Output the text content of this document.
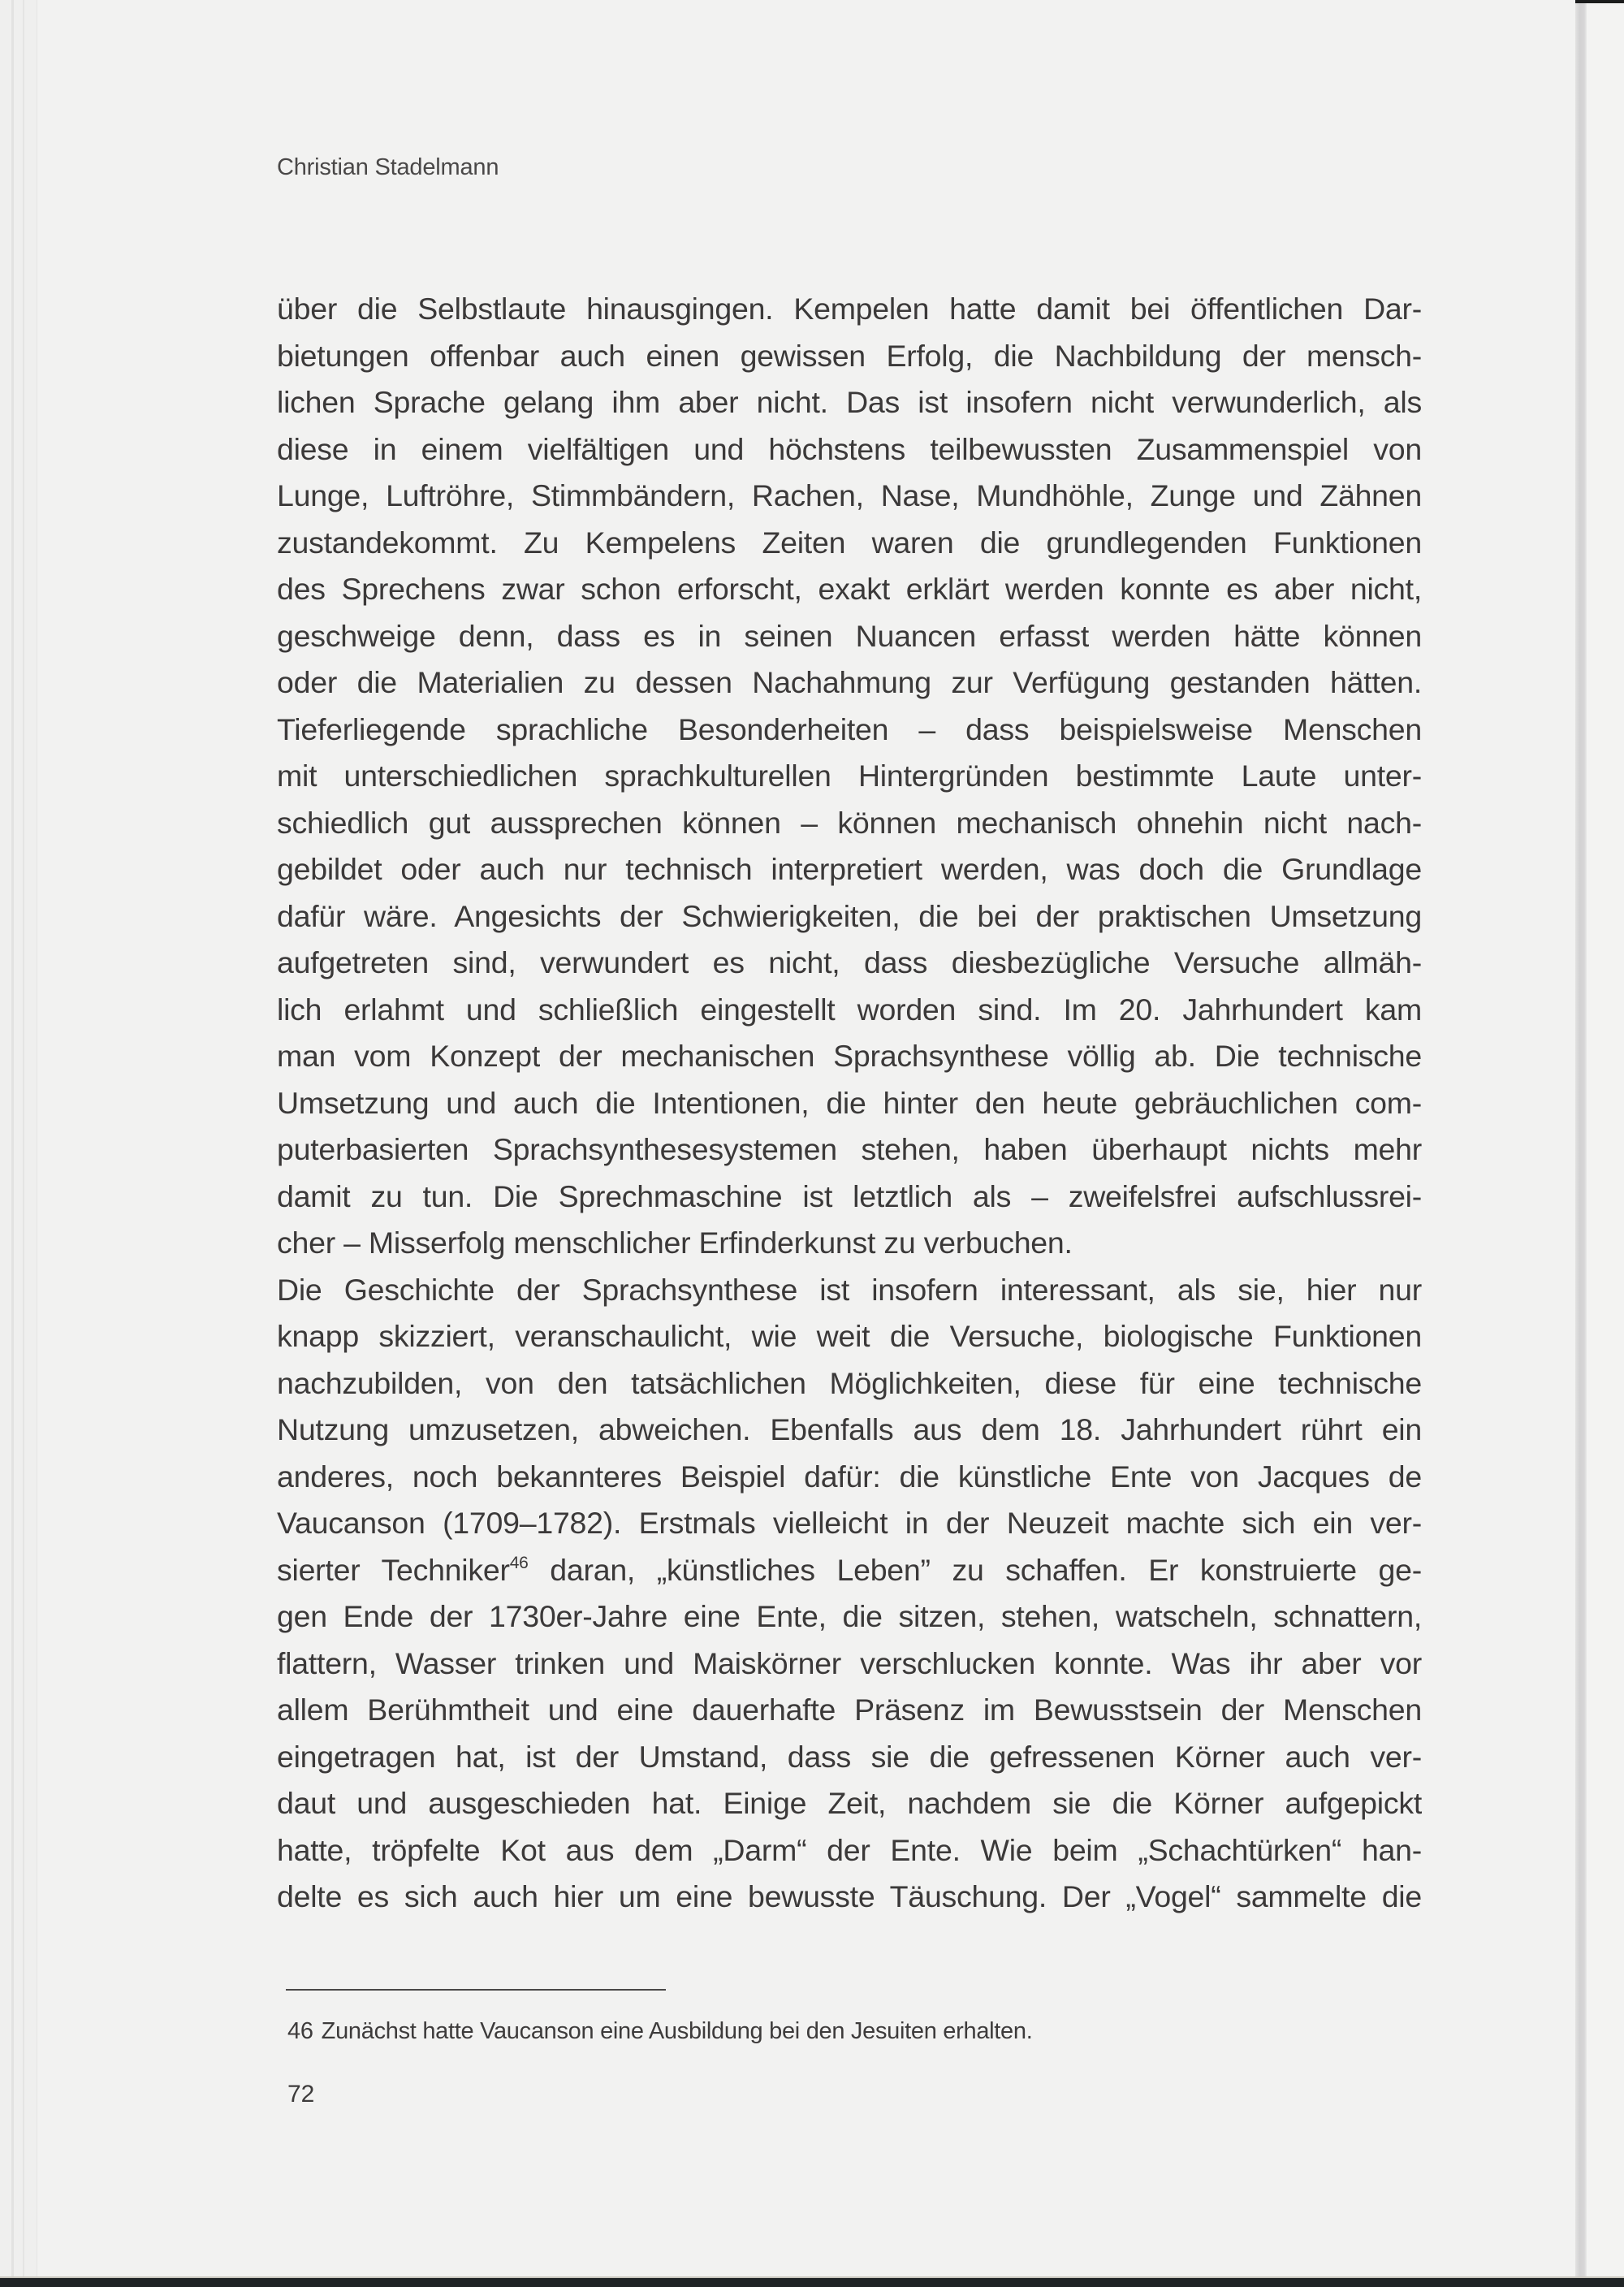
Christian Stadelmann
über die Selbstlaute hinausgingen. Kempelen hatte damit bei öffentlichen Dar-
bietungen offenbar auch einen gewissen Erfolg, die Nachbildung der mensch-
lichen Sprache gelang ihm aber nicht. Das ist insofern nicht verwunderlich, als
diese in einem vielfältigen und höchstens teilbewussten Zusammenspiel von
Lunge, Luftröhre, Stimmbändern, Rachen, Nase, Mundhöhle, Zunge und Zähnen
zustandekommt. Zu Kempelens Zeiten waren die grundlegenden Funktionen
des Sprechens zwar schon erforscht, exakt erklärt werden konnte es aber nicht,
geschweige denn, dass es in seinen Nuancen erfasst werden hätte können
oder die Materialien zu dessen Nachahmung zur Verfügung gestanden hätten.
Tieferliegende sprachliche Besonderheiten – dass beispielsweise Menschen
mit unterschiedlichen sprachkulturellen Hintergründen bestimmte Laute unter-
schiedlich gut aussprechen können – können mechanisch ohnehin nicht nach-
gebildet oder auch nur technisch interpretiert werden, was doch die Grundlage
dafür wäre. Angesichts der Schwierigkeiten, die bei der praktischen Umsetzung
aufgetreten sind, verwundert es nicht, dass diesbezügliche Versuche allmäh-
lich erlahmt und schließlich eingestellt worden sind. Im 20. Jahrhundert kam
man vom Konzept der mechanischen Sprachsynthese völlig ab. Die technische
Umsetzung und auch die Intentionen, die hinter den heute gebräuchlichen com-
puterbasierten Sprachsynthesesystemen stehen, haben überhaupt nichts mehr
damit zu tun. Die Sprechmaschine ist letztlich als – zweifelsfrei aufschlussrei-
cher – Misserfolg menschlicher Erfinderkunst zu verbuchen.
Die Geschichte der Sprachsynthese ist insofern interessant, als sie, hier nur
knapp skizziert, veranschaulicht, wie weit die Versuche, biologische Funktionen
nachzubilden, von den tatsächlichen Möglichkeiten, diese für eine technische
Nutzung umzusetzen, abweichen. Ebenfalls aus dem 18. Jahrhundert rührt ein
anderes, noch bekannteres Beispiel dafür: die künstliche Ente von Jacques de
Vaucanson (1709–1782). Erstmals vielleicht in der Neuzeit machte sich ein ver-
sierter Techniker$^{46}$ daran, „künstliches Leben” zu schaffen. Er konstruierte ge-
gen Ende der 1730er-Jahre eine Ente, die sitzen, stehen, watscheln, schnattern,
flattern, Wasser trinken und Maiskörner verschlucken konnte. Was ihr aber vor
allem Berühmtheit und eine dauerhafte Präsenz im Bewusstsein der Menschen
eingetragen hat, ist der Umstand, dass sie die gefressenen Körner auch ver-
daut und ausgeschieden hat. Einige Zeit, nachdem sie die Körner aufgepickt
hatte, tröpfelte Kot aus dem „Darm“ der Ente. Wie beim „Schachtürken“ han-
delte es sich auch hier um eine bewusste Täuschung. Der „Vogel“ sammelte die
46 Zunächst hatte Vaucanson eine Ausbildung bei den Jesuiten erhalten.
72
